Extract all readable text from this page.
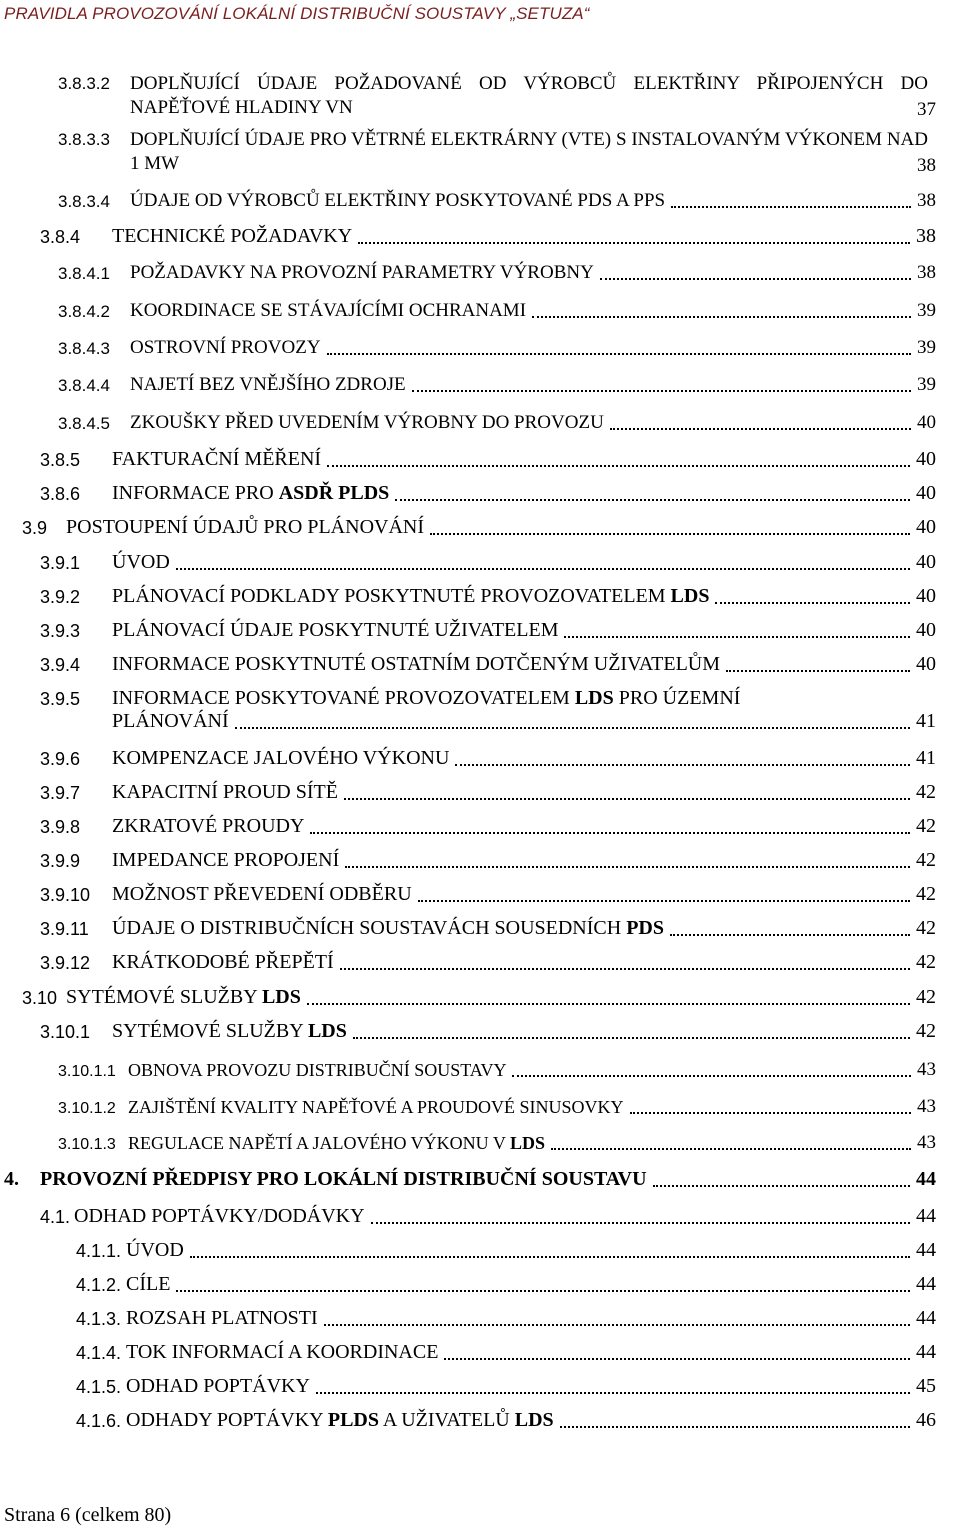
PRAVIDLA PROVOZOVÁNÍ LOKÁLNÍ DISTRIBUČNÍ SOUSTAVY „SETUZA“
3.8.3.2	DOPLŇUJÍCÍ ÚDAJE POŽADOVANÉ OD VÝROBCŮ ELEKTŘINY PŘIPOJENÝCH DO NAPĚŤOVÉ HLADINY VN	37
3.8.3.3	DOPLŇUJÍCÍ ÚDAJE PRO VĚTRNÉ ELEKTRÁRNY (VTE) S INSTALOVANÝM VÝKONEM NAD 1 MW	38
3.8.3.4	ÚDAJE OD VÝROBCŮ ELEKTŘINY POSKYTOVANÉ PDS A PPS	38
3.8.4	TECHNICKÉ POŽADAVKY	38
3.8.4.1	POŽADAVKY NA PROVOZNÍ PARAMETRY VÝROBNY	38
3.8.4.2	KOORDINACE SE STÁVAJÍCÍMI OCHRANAMI	39
3.8.4.3	OSTROVNÍ PROVOZY	39
3.8.4.4	NAJETÍ BEZ VNĚJŠÍHO ZDROJE	39
3.8.4.5	ZKOUŠKY PŘED UVEDENÍM VÝROBNY DO PROVOZU	40
3.8.5	FAKTURAČNÍ MĚŘENÍ	40
3.8.6	INFORMACE PRO ASDŘ PLDS	40
3.9 POSTOUPENÍ ÚDAJŮ PRO PLÁNOVÁNÍ	40
3.9.1	ÚVOD	40
3.9.2	PLÁNOVACÍ PODKLADY POSKYTNUTÉ PROVOZOVATELEM LDS	40
3.9.3	PLÁNOVACÍ ÚDAJE POSKYTNUTÉ UŽIVATELEM	40
3.9.4	INFORMACE POSKYTNUTÉ OSTATNÍM DOTČENÝM UŽIVATELŮM	40
3.9.5	INFORMACE POSKYTOVANÉ PROVOZOVATELEM LDS PRO ÚZEMNÍ
PLÁNOVÁNÍ	41
3.9.6	KOMPENZACE JALOVÉHO VÝKONU	41
3.9.7	KAPACITNÍ PROUD SÍTĚ	42
3.9.8	ZKRATOVÉ PROUDY	42
3.9.9	IMPEDANCE PROPOJENÍ	42
3.9.10	MOŽNOST PŘEVEDENÍ ODBĚRU	42
3.9.11	ÚDAJE O DISTRIBUČNÍCH SOUSTAVÁCH SOUSEDNÍCH PDS	42
3.9.12	KRÁTKODOBÉ PŘEPĚTÍ	42
3.10 SYTÉMOVÉ SLUŽBY LDS	42
3.10.1	SYTÉMOVÉ SLUŽBY LDS	42
3.10.1.1 OBNOVA PROVOZU DISTRIBUČNÍ SOUSTAVY	43
3.10.1.2 ZAJIŠTĚNÍ KVALITY NAPĚŤOVÉ A PROUDOVÉ SINUSOVKY	43
3.10.1.3 REGULACE NAPĚTÍ A JALOVÉHO VÝKONU V LDS	43
4.	PROVOZNÍ PŘEDPISY PRO LOKÁLNÍ DISTRIBUČNÍ SOUSTAVU	44
4.1. ODHAD POPTÁVKY/DODÁVKY	44
4.1.1. ÚVOD	44
4.1.2. CÍLE	44
4.1.3. ROZSAH PLATNOSTI	44
4.1.4. TOK INFORMACÍ A KOORDINACE	44
4.1.5. ODHAD POPTÁVKY	45
4.1.6. ODHADY POPTÁVKY PLDS A UŽIVATELŮ LDS	46
Strana 6 (celkem 80)
